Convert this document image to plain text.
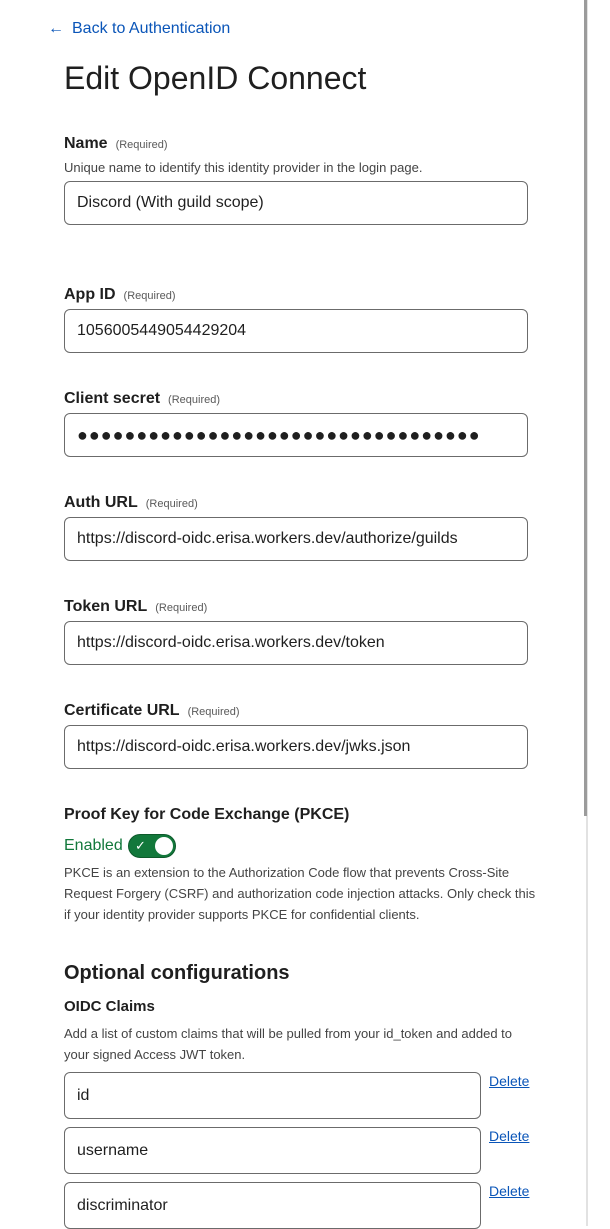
← Back to Authentication
Edit OpenID Connect
Name (Required)
Unique name to identify this identity provider in the login page.
Discord (With guild scope)
App ID (Required)
1056005449054429204
Client secret (Required)
●●●●●●●●●●●●●●●●●●●●●●●●●●●●●●●●●●
Auth URL (Required)
https://discord-oidc.erisa.workers.dev/authorize/guilds
Token URL (Required)
https://discord-oidc.erisa.workers.dev/token
Certificate URL (Required)
https://discord-oidc.erisa.workers.dev/jwks.json
Proof Key for Code Exchange (PKCE)
Enabled ✓
PKCE is an extension to the Authorization Code flow that prevents Cross-Site
Request Forgery (CSRF) and authorization code injection attacks. Only check this
if your identity provider supports PKCE for confidential clients.
Optional configurations
OIDC Claims
Add a list of custom claims that will be pulled from your id_token and added to
your signed Access JWT token.
id
Delete
username
Delete
discriminator
Delete
